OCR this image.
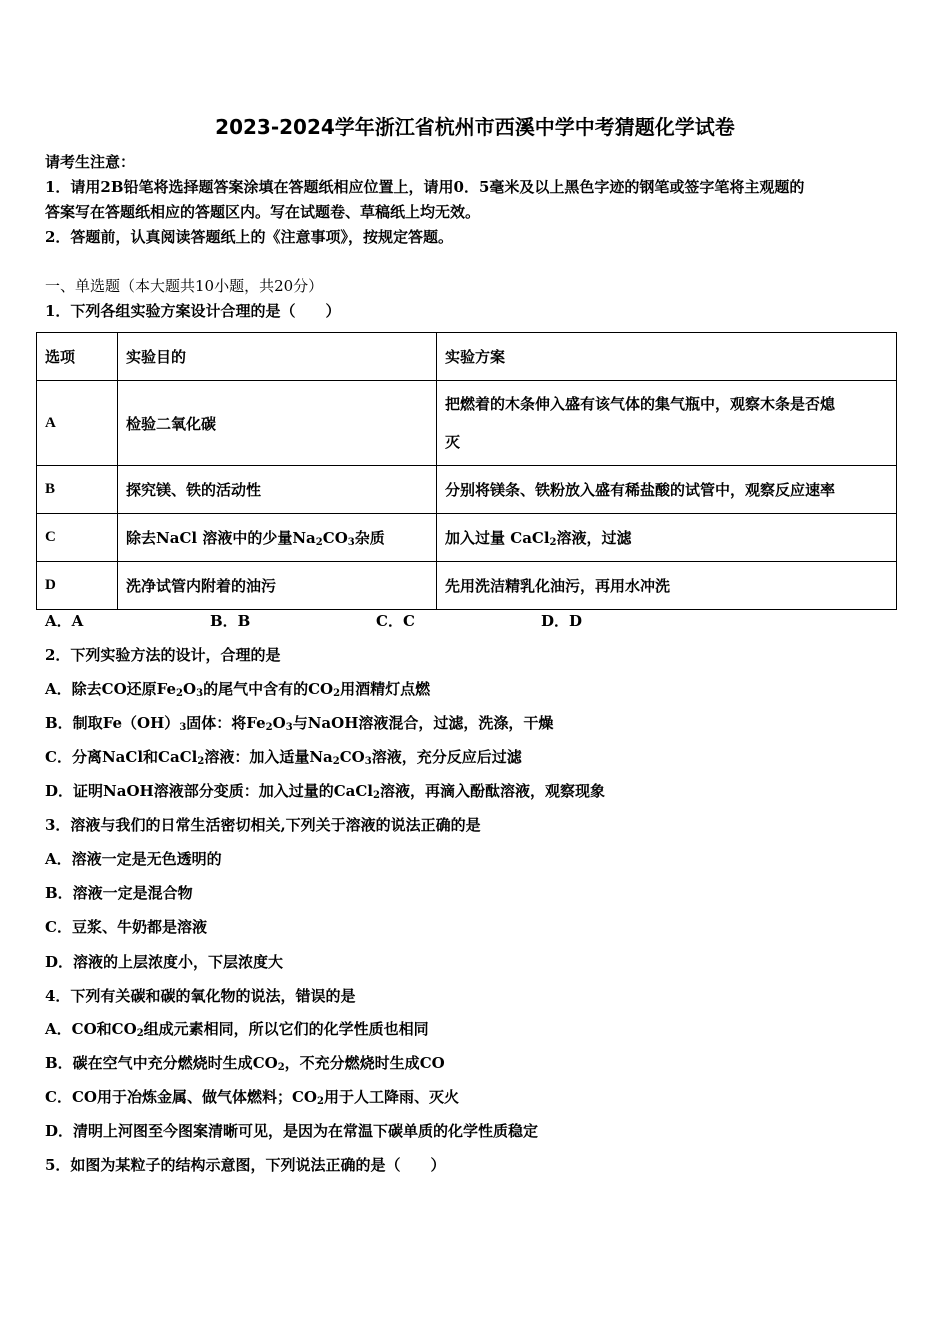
2023-2024学年浙江省杭州市西溪中学中考猜题化学试卷
请考生注意：
1．请用2B铅笔将选择题答案涂填在答题纸相应位置上，请用0．5毫米及以上黑色字迹的钢笔或签字笔将主观题的
答案写在答题纸相应的答题区内。写在试题卷、草稿纸上均无效。
2．答题前，认真阅读答题纸上的《注意事项》，按规定答题。
一、单选题（本大题共10小题，共20分）
1．下列各组实验方案设计合理的是（　　）
选项	实验目的	实验方案
A	检验二氧化碳	把燃着的木条伸入盛有该气体的集气瓶中，观察木条是否熄
灭
B	探究镁、铁的活动性	分别将镁条、铁粉放入盛有稀盐酸的试管中，观察反应速率
C	除去NaCl 溶液中的少量$Na_2CO_3$杂质	加入过量 CaCl$_2$溶液，过滤
D	洗净试管内附着的油污	先用洗洁精乳化油污，再用水冲洗
A．A	B．B	C．C	D．D
2．下列实验方法的设计，合理的是
A．除去CO还原$Fe_2O_3$的尾气中含有的$CO_2$用酒精灯点燃
B．制取$Fe(OH)_3$固体：将$Fe_2O_3$与NaOH溶液混合，过滤，洗涤，干燥
C．分离NaCl和CaCl$_2$溶液：加入适量$Na_2CO_3$溶液，充分反应后过滤
D．证明NaOH溶液部分变质：加入过量的CaCl$_2$溶液，再滴入酚酞溶液，观察现象
3．溶液与我们的日常生活密切相关,下列关于溶液的说法正确的是
A．溶液一定是无色透明的
B．溶液一定是混合物
C．豆浆、牛奶都是溶液
D．溶液的上层浓度小，下层浓度大
4．下列有关碳和碳的氧化物的说法，错误的是
A．CO和$CO_2$组成元素相同，所以它们的化学性质也相同
B．碳在空气中充分燃烧时生成$CO_2$，不充分燃烧时生成CO
C．CO用于冶炼金属、做气体燃料；$CO_2$用于人工降雨、灭火
D．清明上河图至今图案清晰可见，是因为在常温下碳单质的化学性质稳定
5．如图为某粒子的结构示意图，下列说法正确的是（　　）
